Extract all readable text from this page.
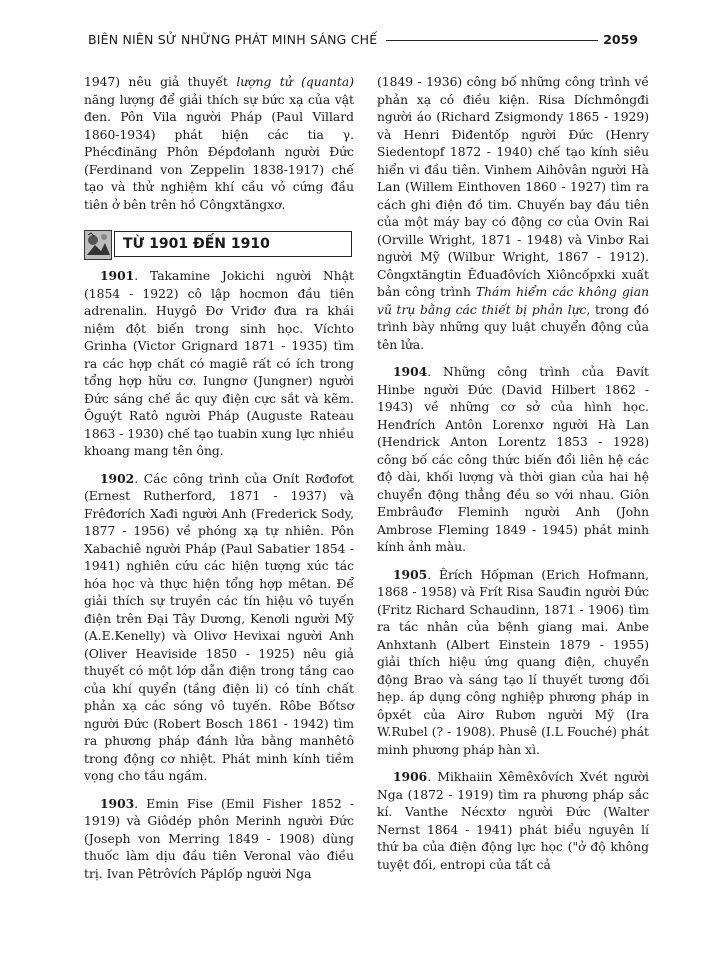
BIÊN NIÊN SỬ NHỮNG PHÁT MINH SÁNG CHẾ	2059

1947) nêu giả thuyết lượng tử (quanta) năng lượng để giải thích sự bức xạ của vật đen. Pôn Vila người Pháp (Paul Villard 1860-1934) phát hiện các tia γ. Phécđinăng Phôn Đépđơlanh người Đức (Ferdinand von Zeppelin 1838-1917) chế tạo và thử nghiệm khí cầu vỏ cứng đầu tiên ở bên trên hồ Côngxtăngxơ.

TỪ 1901 ĐẾN 1910

1901. Takamine Jokichi người Nhật (1854 - 1922) cô lập hocmon đầu tiên adrenalin. Huygô Đơ Vriđơ đưa ra khái niệm đột biến trong sinh học. Víchto Grinha (Victor Grignard 1871 - 1935) tìm ra các hợp chất có magiê rất có ích trong tổng hợp hữu cơ. Iungnơ (Jungner) người Đức sáng chế ắc quy điện cực sắt và kẽm. Ôguýt Ratô người Pháp (Auguste Rateau 1863 - 1930) chế tạo tuabin xung lực nhiều khoang mang tên ông.

1902. Các công trình của Ơnít Rơđơfơt (Ernest Rutherford, 1871 - 1937) và Frêđơrích Xađi người Anh (Frederick Sody, 1877 - 1956) về phóng xạ tự nhiên. Pôn Xabachiê người Pháp (Paul Sabatier 1854 - 1941) nghiên cứu các hiện tượng xúc tác hóa học và thực hiện tổng hợp mêtan. Để giải thích sự truyền các tín hiệu vô tuyến điện trên Đại Tây Dương, Kenơli người Mỹ (A.E.Kenelly) và Olivơ Hevixai người Anh (Oliver Heaviside 1850 - 1925) nêu giả thuyết có một lớp dẫn điện trong tầng cao của khí quyển (tầng điện li) có tính chất phản xạ các sóng vô tuyến. Rôbe Bốtsơ người Đức (Robert Bosch 1861 - 1942) tìm ra phương pháp đánh lửa bằng manhêtô trong động cơ nhiệt. Phát minh kính tiềm vọng cho tầu ngầm.

1903. Emin Fise (Emil Fisher 1852 - 1919) và Giôdép phôn Merinh người Đức (Joseph von Merring 1849 - 1908) dùng thuốc làm dịu đầu tiên Veronal vào điều trị. Ivan Pêtrôvích Páplốp người Nga

(1849 - 1936) công bố những công trình về phản xạ có điều kiện. Risa Díchmôngđi người áo (Richard Zsigmondy 1865 - 1929) và Henri Điđentốp người Đức (Henry Siedentopf 1872 - 1940) chế tạo kính siêu hiển vi đầu tiên. Vinhem Aihôvân người Hà Lan (Willem Einthoven 1860 - 1927) tìm ra cách ghi điện đồ tim. Chuyến bay đầu tiên của một máy bay có động cơ của Ovin Rai (Orville Wright, 1871 - 1948) và Vinbơ Rai người Mỹ (Wilbur Wright, 1867 - 1912). Côngxtăngtin Êđuađôvích Xiôncốpxki xuất bản công trình Thám hiểm các không gian vũ trụ bằng các thiết bị phản lực, trong đó trình bày những quy luật chuyển động của tên lửa.

1904. Những công trình của Đavít Hinbe người Đức (David Hilbert 1862 - 1943) về những cơ sở của hình học. Henđrích Antôn Lorenxơ người Hà Lan (Hendrick Anton Lorentz 1853 - 1928) công bố các công thức biến đổi liên hệ các độ dài, khối lượng và thời gian của hai hệ chuyển động thẳng đều so với nhau. Giôn Embrâuđơ Fleminh người Anh (John Ambrose Fleming 1849 - 1945) phát minh kính ảnh màu.

1905. Êrích Hốpman (Erich Hofmann, 1868 - 1958) và Frít Risa Sauđin người Đức (Fritz Richard Schaudinn, 1871 - 1906) tìm ra tác nhân của bệnh giang mai. Anbe Anhxtanh (Albert Einstein 1879 - 1955) giải thích hiệu ứng quang điện, chuyển động Brao và sáng tạo lí thuyết tương đối hẹp. áp dụng công nghiệp phương pháp in ôpxét của Airơ Rubơn người Mỹ (Ira W.Rubel (? - 1908). Phusê (I.L Fouché) phát minh phương pháp hàn xì.

1906. Mikhaiin Xêmêxôvích Xvét người Nga (1872 - 1919) tìm ra phương pháp sắc kí. Vanthe Nécxtơ người Đức (Walter Nernst 1864 - 1941) phát biểu nguyên lí thứ ba của điện động lực học ("ở độ không tuyệt đối, entropi của tất cả
